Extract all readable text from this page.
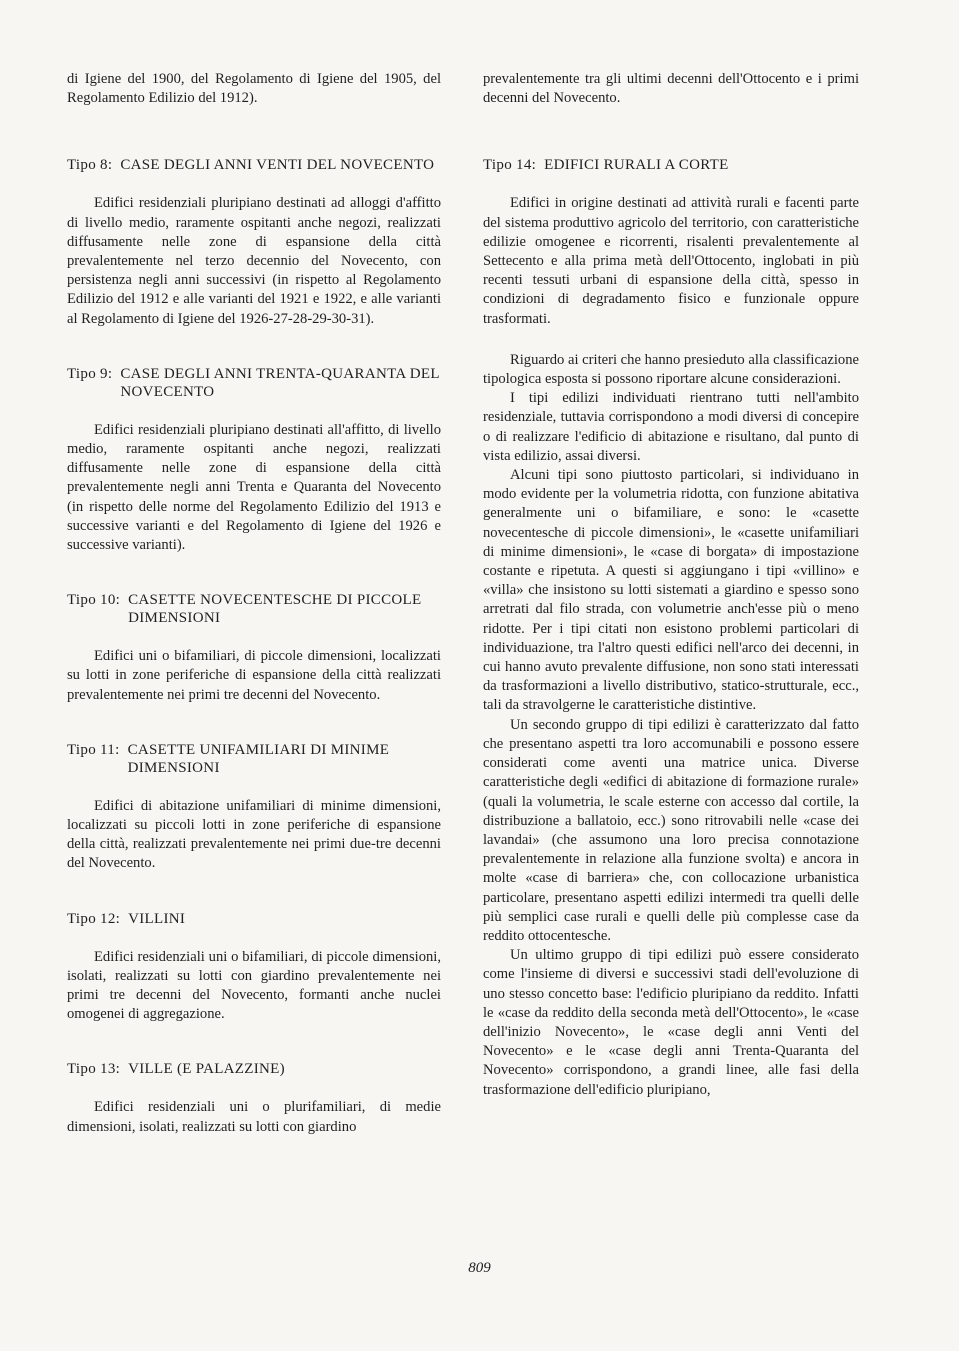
di Igiene del 1900, del Regolamento di Igiene del 1905, del Regolamento Edilizio del 1912).

Tipo 8: CASE DEGLI ANNI VENTI DEL NOVECENTO

Edifici residenziali pluripiano destinati ad alloggi d'affitto di livello medio, raramente ospitanti anche negozi, realizzati diffusamente nelle zone di espansione della città prevalentemente nel terzo decennio del Novecento, con persistenza negli anni successivi (in rispetto al Regolamento Edilizio del 1912 e alle varianti del 1921 e 1922, e alle varianti al Regolamento di Igiene del 1926-27-28-29-30-31).

Tipo 9: CASE DEGLI ANNI TRENTA-QUARANTA DEL NOVECENTO

Edifici residenziali pluripiano destinati all'affitto, di livello medio, raramente ospitanti anche negozi, realizzati diffusamente nelle zone di espansione della città prevalentemente negli anni Trenta e Quaranta del Novecento (in rispetto delle norme del Regolamento Edilizio del 1913 e successive varianti e del Regolamento di Igiene del 1926 e successive varianti).

Tipo 10: CASETTE NOVECENTESCHE DI PICCOLE DIMENSIONI

Edifici uni o bifamiliari, di piccole dimensioni, localizzati su lotti in zone periferiche di espansione della città realizzati prevalentemente nei primi tre decenni del Novecento.

Tipo 11: CASETTE UNIFAMILIARI DI MINIME DIMENSIONI

Edifici di abitazione unifamiliari di minime dimensioni, localizzati su piccoli lotti in zone periferiche di espansione della città, realizzati prevalentemente nei primi due-tre decenni del Novecento.

Tipo 12: VILLINI

Edifici residenziali uni o bifamiliari, di piccole dimensioni, isolati, realizzati su lotti con giardino prevalentemente nei primi tre decenni del Novecento, formanti anche nuclei omogenei di aggregazione.

Tipo 13: VILLE (E PALAZZINE)

Edifici residenziali uni o plurifamiliari, di medie dimensioni, isolati, realizzati su lotti con giardino

prevalentemente tra gli ultimi decenni dell'Ottocento e i primi decenni del Novecento.

Tipo 14: EDIFICI RURALI A CORTE

Edifici in origine destinati ad attività rurali e facenti parte del sistema produttivo agricolo del territorio, con caratteristiche edilizie omogenee e ricorrenti, risalenti prevalentemente al Settecento e alla prima metà dell'Ottocento, inglobati in più recenti tessuti urbani di espansione della città, spesso in condizioni di degradamento fisico e funzionale oppure trasformati.

Riguardo ai criteri che hanno presieduto alla classificazione tipologica esposta si possono riportare alcune considerazioni.

I tipi edilizi individuati rientrano tutti nell'ambito residenziale, tuttavia corrispondono a modi diversi di concepire o di realizzare l'edificio di abitazione e risultano, dal punto di vista edilizio, assai diversi.

Alcuni tipi sono piuttosto particolari, si individuano in modo evidente per la volumetria ridotta, con funzione abitativa generalmente uni o bifamiliare, e sono: le «casette novecentesche di piccole dimensioni», le «casette unifamiliari di minime dimensioni», le «case di borgata» di impostazione costante e ripetuta. A questi si aggiungano i tipi «villino» e «villa» che insistono su lotti sistemati a giardino e spesso sono arretrati dal filo strada, con volumetrie anch'esse più o meno ridotte. Per i tipi citati non esistono problemi particolari di individuazione, tra l'altro questi edifici nell'arco dei decenni, in cui hanno avuto prevalente diffusione, non sono stati interessati da trasformazioni a livello distributivo, statico-strutturale, ecc., tali da stravolgerne le caratteristiche distintive.

Un secondo gruppo di tipi edilizi è caratterizzato dal fatto che presentano aspetti tra loro accomunabili e possono essere considerati come aventi una matrice unica. Diverse caratteristiche degli «edifici di abitazione di formazione rurale» (quali la volumetria, le scale esterne con accesso dal cortile, la distribuzione a ballatoio, ecc.) sono ritrovabili nelle «case dei lavandai» (che assumono una loro precisa connotazione prevalentemente in relazione alla funzione svolta) e ancora in molte «case di barriera» che, con collocazione urbanistica particolare, presentano aspetti edilizi intermedi tra quelli delle più semplici case rurali e quelli delle più complesse case da reddito ottocentesche.

Un ultimo gruppo di tipi edilizi può essere considerato come l'insieme di diversi e successivi stadi dell'evoluzione di uno stesso concetto base: l'edificio pluripiano da reddito. Infatti le «case da reddito della seconda metà dell'Ottocento», le «case dell'inizio Novecento», le «case degli anni Venti del Novecento» e le «case degli anni Trenta-Quaranta del Novecento» corrispondono, a grandi linee, alle fasi della trasformazione dell'edificio pluripiano,

809
